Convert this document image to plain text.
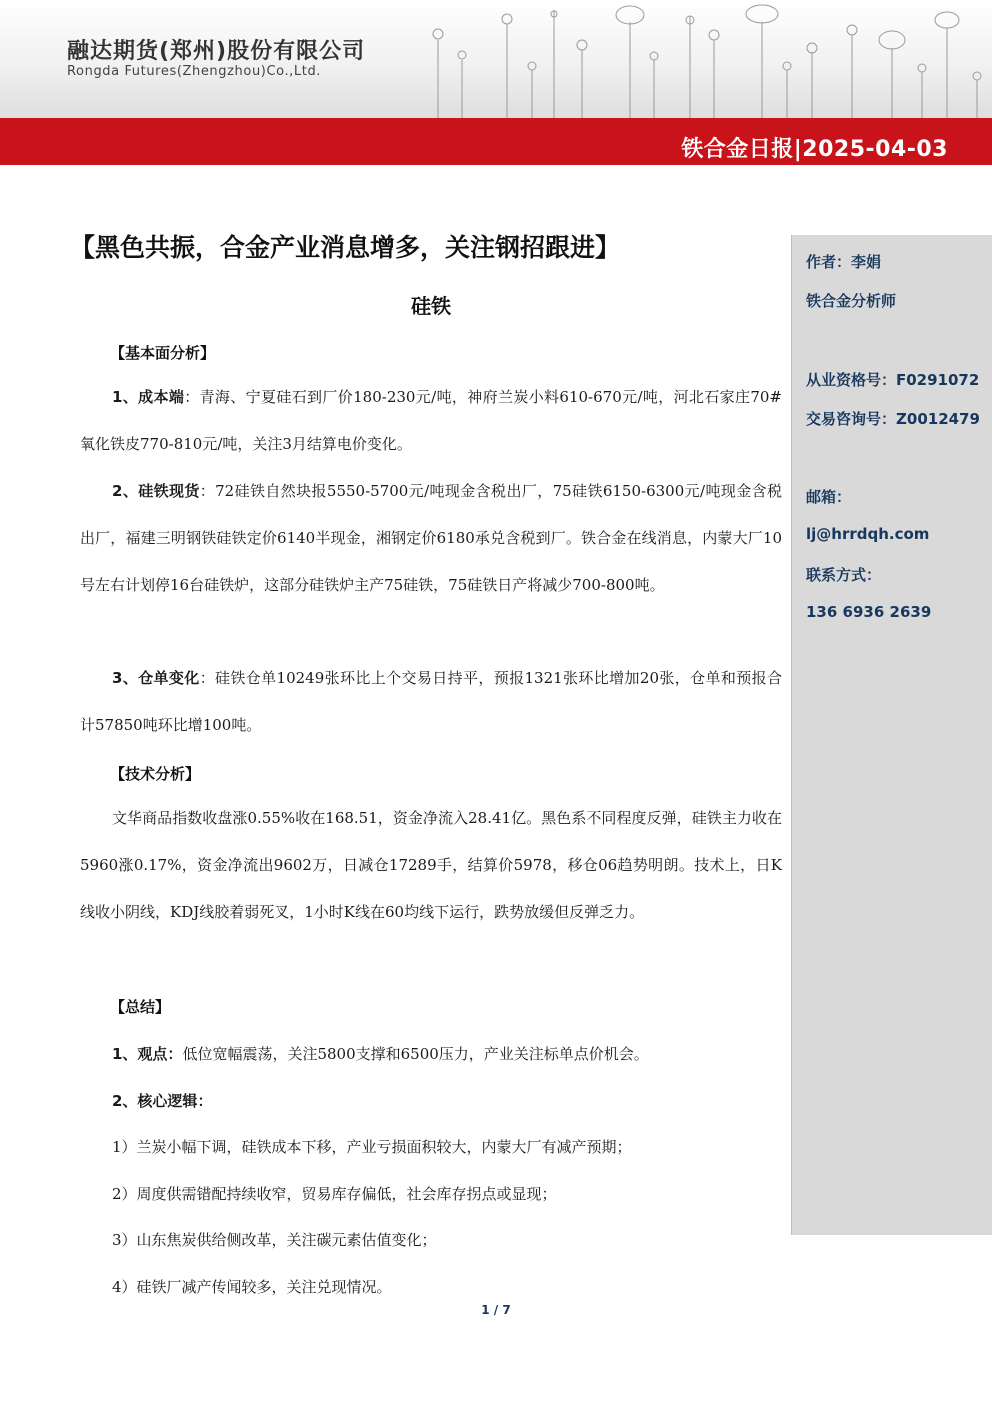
融达期货(郑州)股份有限公司
Rongda Futures(Zhengzhou)Co.,Ltd.
铁合金日报|2025-04-03
作者：李娟
铁合金分析师
从业资格号：F0291072
交易咨询号：Z0012479
邮箱：
lj@hrrdqh.com
联系方式：
136 6936 2639
【黑色共振，合金产业消息增多，关注钢招跟进】
硅铁
【基本面分析】
1、成本端：青海、宁夏硅石到厂价180-230元/吨，神府兰炭小料610-670元/吨，河北石家庄70#氧化铁皮770-810元/吨，关注3月结算电价变化。
2、硅铁现货：72硅铁自然块报5550-5700元/吨现金含税出厂，75硅铁6150-6300元/吨现金含税出厂，福建三明钢铁硅铁定价6140半现金，湘钢定价6180承兑含税到厂。铁合金在线消息，内蒙大厂10号左右计划停16台硅铁炉，这部分硅铁炉主产75硅铁，75硅铁日产将减少700-800吨。
3、仓单变化：硅铁仓单10249张环比上个交易日持平，预报1321张环比增加20张，仓单和预报合计57850吨环比增100吨。
【技术分析】
文华商品指数收盘涨0.55%收在168.51，资金净流入28.41亿。黑色系不同程度反弹，硅铁主力收在5960涨0.17%，资金净流出9602万，日减仓17289手，结算价5978，移仓06趋势明朗。技术上，日K线收小阴线，KDJ线胶着弱死叉，1小时K线在60均线下运行，跌势放缓但反弹乏力。
【总结】
1、观点：低位宽幅震荡，关注5800支撑和6500压力，产业关注标单点价机会。
2、核心逻辑：
1）兰炭小幅下调，硅铁成本下移，产业亏损面积较大，内蒙大厂有减产预期；
2）周度供需错配持续收窄，贸易库存偏低，社会库存拐点或显现；
3）山东焦炭供给侧改革，关注碳元素估值变化；
4）硅铁厂减产传闻较多，关注兑现情况。
1 / 7
